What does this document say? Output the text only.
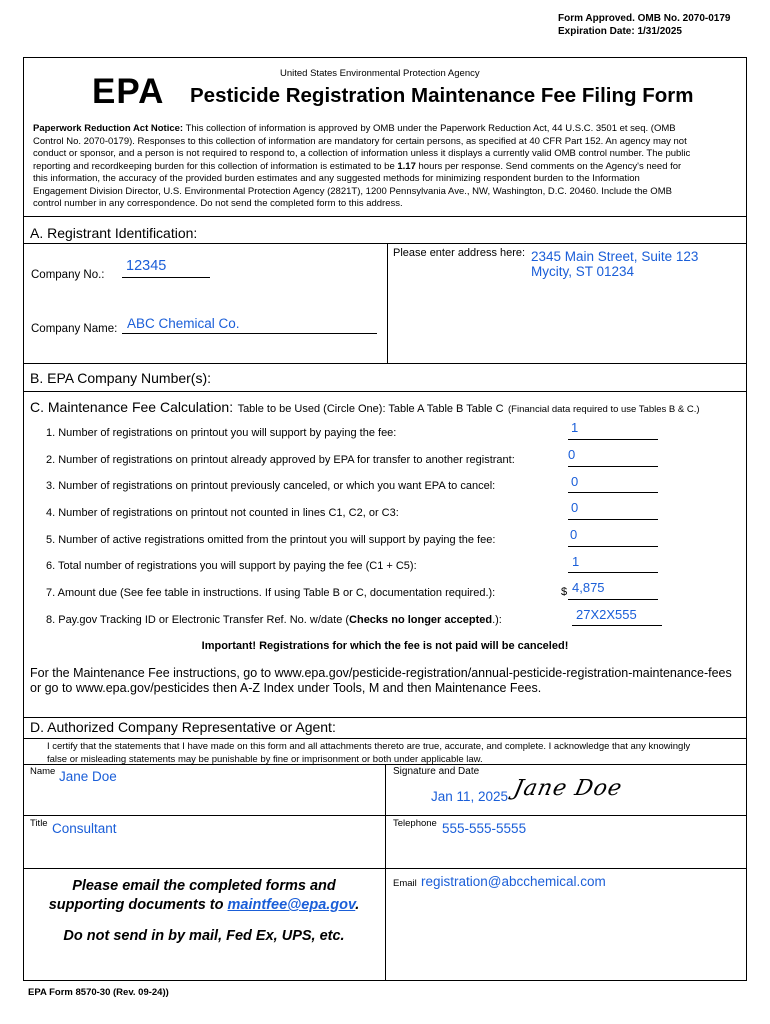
Form Approved. OMB No. 2070-0179
Expiration Date: 1/31/2025
United States Environmental Protection Agency
EPA Pesticide Registration Maintenance Fee Filing Form
Paperwork Reduction Act Notice: This collection of information is approved by OMB under the Paperwork Reduction Act, 44 U.S.C. 3501 et seq. (OMB
Control No. 2070-0179). Responses to this collection of information are mandatory for certain persons, as specified at 40 CFR Part 152. An agency may not
conduct or sponsor, and a person is not required to respond to, a collection of information unless it displays a currently valid OMB control number. The public
reporting and recordkeeping burden for this collection of information is estimated to be 1.17 hours per response. Send comments on the Agency's need for
this information, the accuracy of the provided burden estimates and any suggested methods for minimizing respondent burden to the Information
Engagement Division Director, U.S. Environmental Protection Agency (2821T), 1200 Pennsylvania Ave., NW, Washington, D.C. 20460. Include the OMB
control number in any correspondence. Do not send the completed form to this address.
A. Registrant Identification:
Company No.:
12345
Company Name: ABC Chemical Co.
Please enter address here: 2345 Main Street, Suite 123
Mycity, ST 01234
B. EPA Company Number(s):
C. Maintenance Fee Calculation: Table to be Used (Circle One): Table A Table B Table C (Financial data required to use Tables B & C.)
1. Number of registrations on printout you will support by paying the fee:	1
2. Number of registrations on printout already approved by EPA for transfer to another registrant:	0
3. Number of registrations on printout previously canceled, or which you want EPA to cancel:	0
4. Number of registrations on printout not counted in lines C1, C2, or C3:	0
5. Number of active registrations omitted from the printout you will support by paying the fee:	0
6. Total number of registrations you will support by paying the fee (C1 + C5):	1
7. Amount due (See fee table in instructions. If using Table B or C, documentation required.):	$ 4,875
8. Pay.gov Tracking ID or Electronic Transfer Ref. No. w/date (Checks no longer accepted.):	27X2X555
Important! Registrations for which the fee is not paid will be canceled!
For the Maintenance Fee instructions, go to www.epa.gov/pesticide-registration/annual-pesticide-registration-maintenance-fees
or go to www.epa.gov/pesticides then A-Z Index under Tools, M and then Maintenance Fees.
D. Authorized Company Representative or Agent:
I certify that the statements that I have made on this form and all attachments thereto are true, accurate, and complete. I acknowledge that any knowingly
false or misleading statements may be punishable by fine or imprisonment or both under applicable law.
Name Jane Doe	Signature and Date
Jan 11, 2025 Jane Doe
Title Consultant	Telephone 555-555-5555
Email registration@abcchemical.com
Please email the completed forms and
supporting documents to maintfee@epa.gov.
Do not send in by mail, Fed Ex, UPS, etc.
EPA Form 8570-30 (Rev. 09-24))
